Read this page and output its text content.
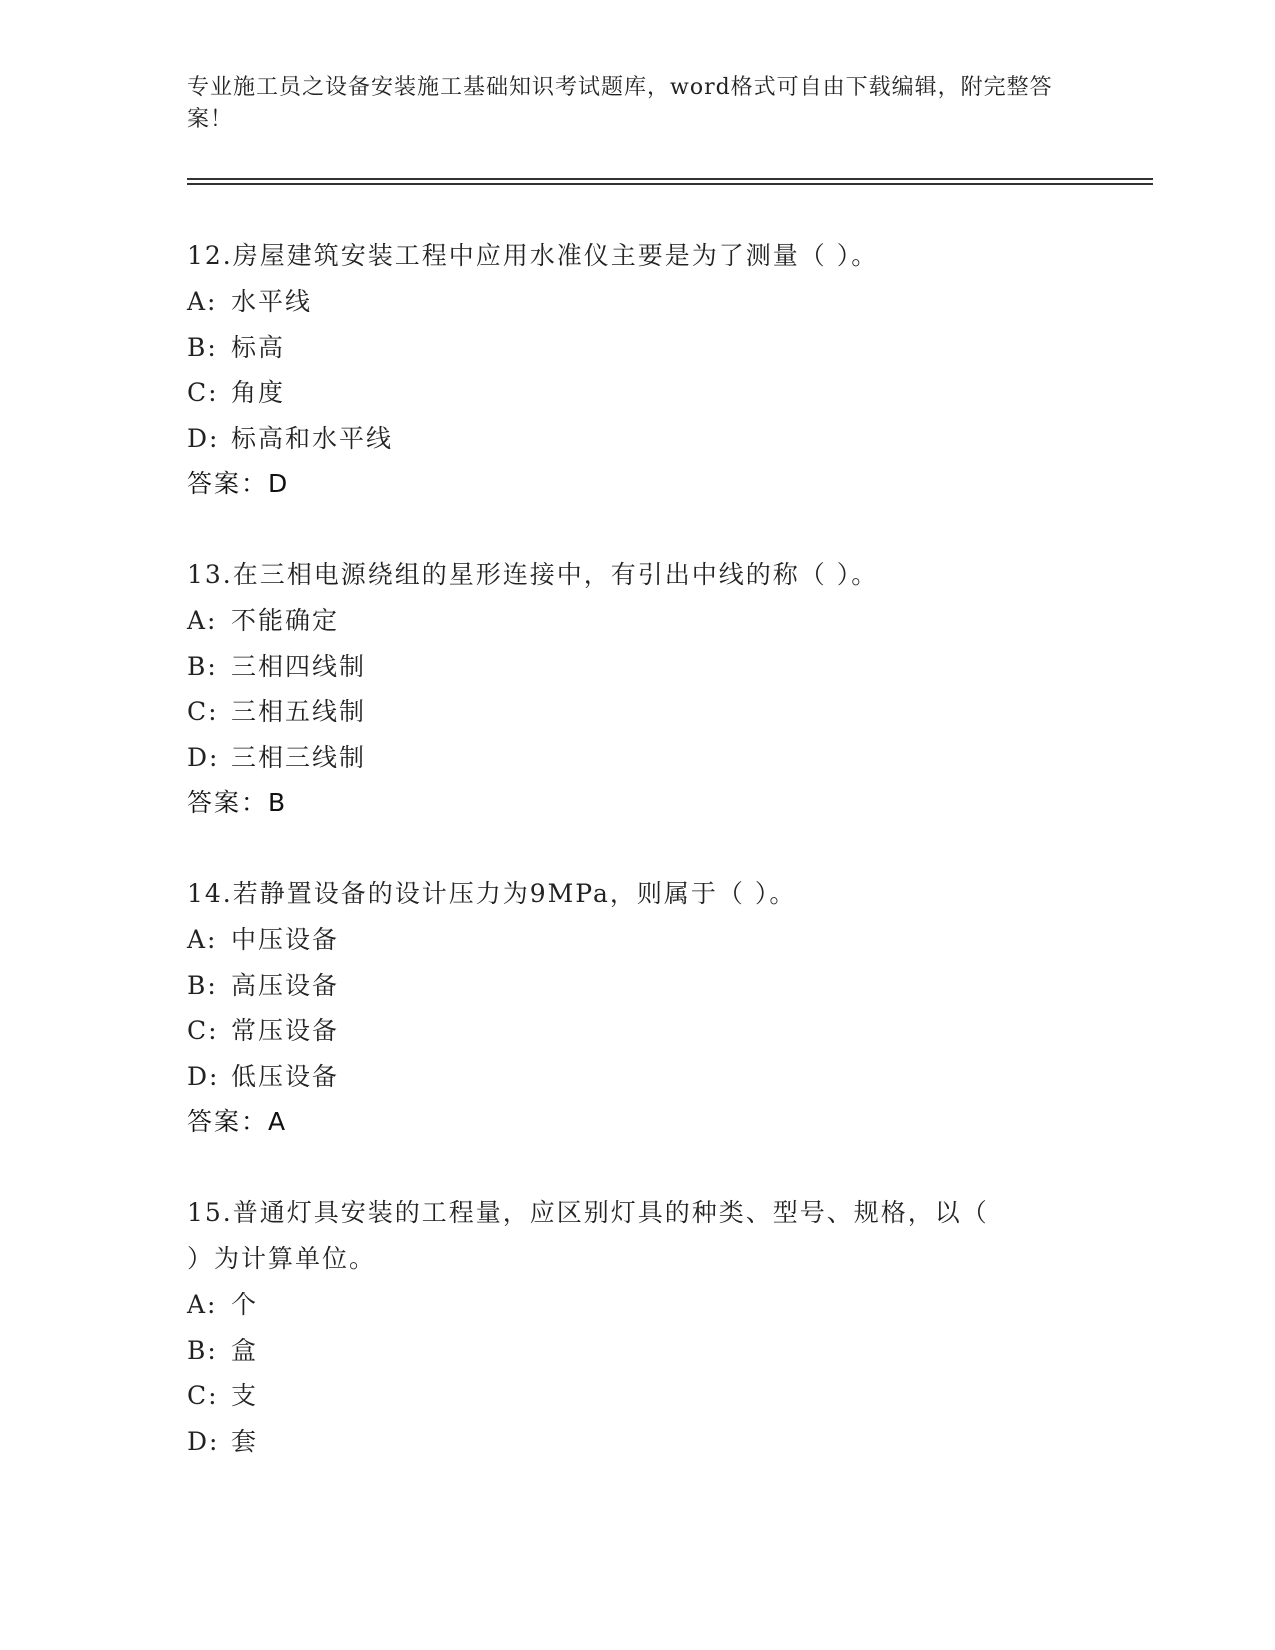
专业施工员之设备安装施工基础知识考试题库，word格式可自由下载编辑，附完整答案！

12.房屋建筑安装工程中应用水准仪主要是为了测量（ ）。

A: 水平线

B: 标高

C: 角度

D: 标高和水平线

答案：D

13.在三相电源绕组的星形连接中，有引出中线的称（ ）。

A: 不能确定

B: 三相四线制

C: 三相五线制

D: 三相三线制

答案：B

14.若静置设备的设计压力为9MPa，则属于（ ）。

A: 中压设备

B: 高压设备

C: 常压设备

D: 低压设备

答案：A

15.普通灯具安装的工程量，应区别灯具的种类、型号、规格，以（

）为计算单位。

A: 个

B: 盒

C: 支

D: 套
